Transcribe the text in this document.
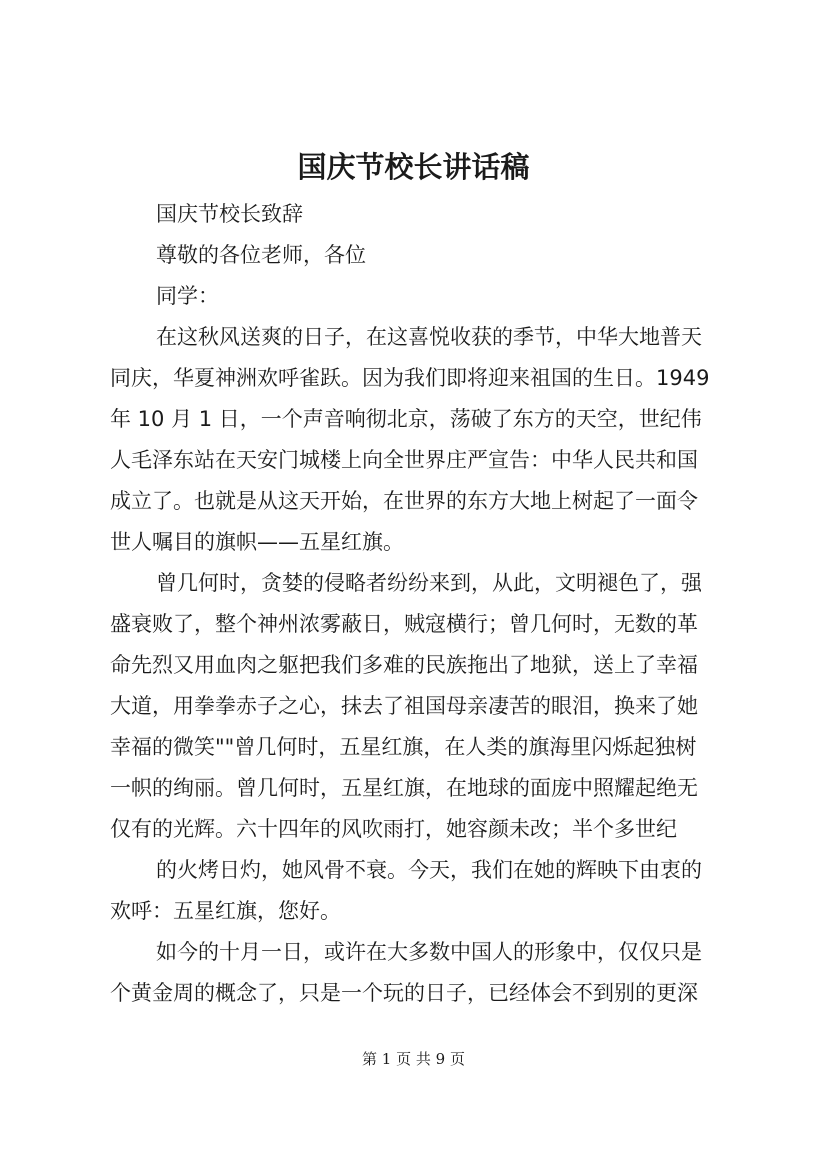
国庆节校长讲话稿
国庆节校长致辞
尊敬的各位老师，各位
同学：
在这秋风送爽的日子，在这喜悦收获的季节，中华大地普天
同庆，华夏神洲欢呼雀跃。因为我们即将迎来祖国的生日。1949
年 10 月 1 日，一个声音响彻北京，荡破了东方的天空，世纪伟
人毛泽东站在天安门城楼上向全世界庄严宣告：中华人民共和国
成立了。也就是从这天开始，在世界的东方大地上树起了一面令
世人嘱目的旗帜——五星红旗。
曾几何时，贪婪的侵略者纷纷来到，从此，文明褪色了，强
盛衰败了，整个神州浓雾蔽日，贼寇横行；曾几何时，无数的革
命先烈又用血肉之躯把我们多难的民族拖出了地狱，送上了幸福
大道，用拳拳赤子之心，抹去了祖国母亲凄苦的眼泪，换来了她
幸福的微笑""曾几何时，五星红旗，在人类的旗海里闪烁起独树
一帜的绚丽。曾几何时，五星红旗，在地球的面庞中照耀起绝无
仅有的光辉。六十四年的风吹雨打，她容颜未改；半个多世纪
的火烤日灼，她风骨不衰。今天，我们在她的辉映下由衷的
欢呼：五星红旗，您好。
如今的十月一日，或许在大多数中国人的形象中，仅仅只是
个黄金周的概念了，只是一个玩的日子，已经体会不到别的更深
第 1 页 共 9 页
